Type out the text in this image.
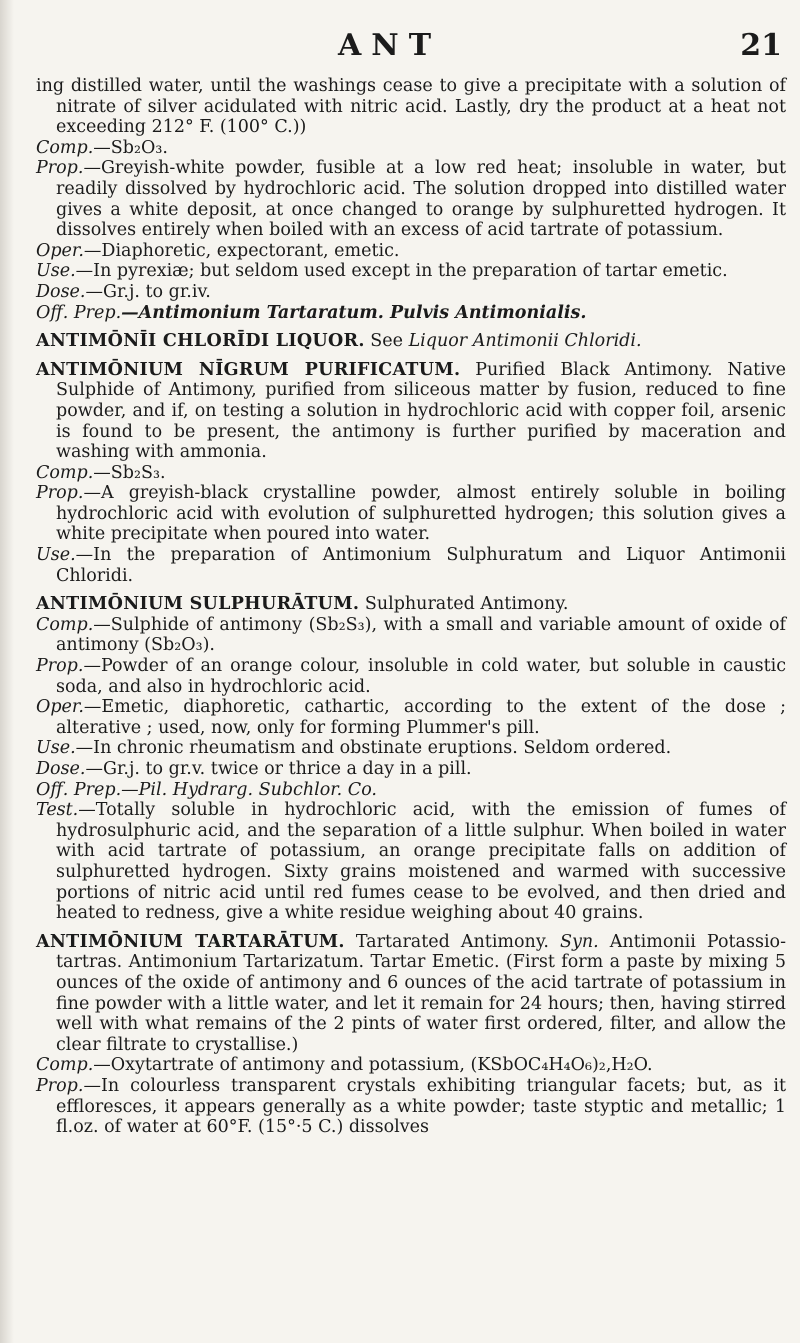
ANT	21

ing distilled water, until the washings cease to give a precipitate with a solution of nitrate of silver acidulated with nitric acid. Lastly, dry the product at a heat not exceeding 212° F. (100° C.))

Comp.—Sb₂O₃.

Prop.—Greyish-white powder, fusible at a low red heat; insoluble in water, but readily dissolved by hydrochloric acid. The solution dropped into distilled water gives a white deposit, at once changed to orange by sulphuretted hydrogen. It dissolves entirely when boiled with an excess of acid tartrate of potassium.

Oper.—Diaphoretic, expectorant, emetic.

Use.—In pyrexiæ; but seldom used except in the preparation of tartar emetic.

Dose.—Gr.j. to gr.iv.

Off. Prep.—Antimonium Tartaratum. Pulvis Antimonialis.

ANTIMŌNĪI CHLORĪDI LIQUOR. See Liquor Antimonii Chloridi.

ANTIMŌNIUM NĪGRUM PURIFICATUM. Purified Black Antimony. Native Sulphide of Antimony, purified from siliceous matter by fusion, reduced to fine powder, and if, on testing a solution in hydrochloric acid with copper foil, arsenic is found to be present, the antimony is further purified by maceration and washing with ammonia.

Comp.—Sb₂S₃.

Prop.—A greyish-black crystalline powder, almost entirely soluble in boiling hydrochloric acid with evolution of sulphuretted hydrogen; this solution gives a white precipitate when poured into water.

Use.—In the preparation of Antimonium Sulphuratum and Liquor Antimonii Chloridi.

ANTIMŌNIUM SULPHURĀTUM. Sulphurated Antimony.

Comp.—Sulphide of antimony (Sb₂S₃), with a small and variable amount of oxide of antimony (Sb₂O₃).

Prop.—Powder of an orange colour, insoluble in cold water, but soluble in caustic soda, and also in hydrochloric acid.

Oper.—Emetic, diaphoretic, cathartic, according to the extent of the dose ; alterative ; used, now, only for forming Plummer's pill.

Use.—In chronic rheumatism and obstinate eruptions. Seldom ordered.

Dose.—Gr.j. to gr.v. twice or thrice a day in a pill.

Off. Prep.—Pil. Hydrarg. Subchlor. Co.

Test.—Totally soluble in hydrochloric acid, with the emission of fumes of hydrosulphuric acid, and the separation of a little sulphur. When boiled in water with acid tartrate of potassium, an orange precipitate falls on addition of sulphuretted hydrogen. Sixty grains moistened and warmed with successive portions of nitric acid until red fumes cease to be evolved, and then dried and heated to redness, give a white residue weighing about 40 grains.

ANTIMŌNIUM TARTARĀTUM. Tartarated Antimony. Syn. Antimonii Potassio-tartras. Antimonium Tartarizatum. Tartar Emetic. (First form a paste by mixing 5 ounces of the oxide of antimony and 6 ounces of the acid tartrate of potassium in fine powder with a little water, and let it remain for 24 hours; then, having stirred well with what remains of the 2 pints of water first ordered, filter, and allow the clear filtrate to crystallise.)

Comp.—Oxytartrate of antimony and potassium, (KSbOC₄H₄O₆)₂,H₂O.

Prop.—In colourless transparent crystals exhibiting triangular facets; but, as it effloresces, it appears generally as a white powder; taste styptic and metallic; 1 fl.oz. of water at 60°F. (15°·5 C.) dissolves
